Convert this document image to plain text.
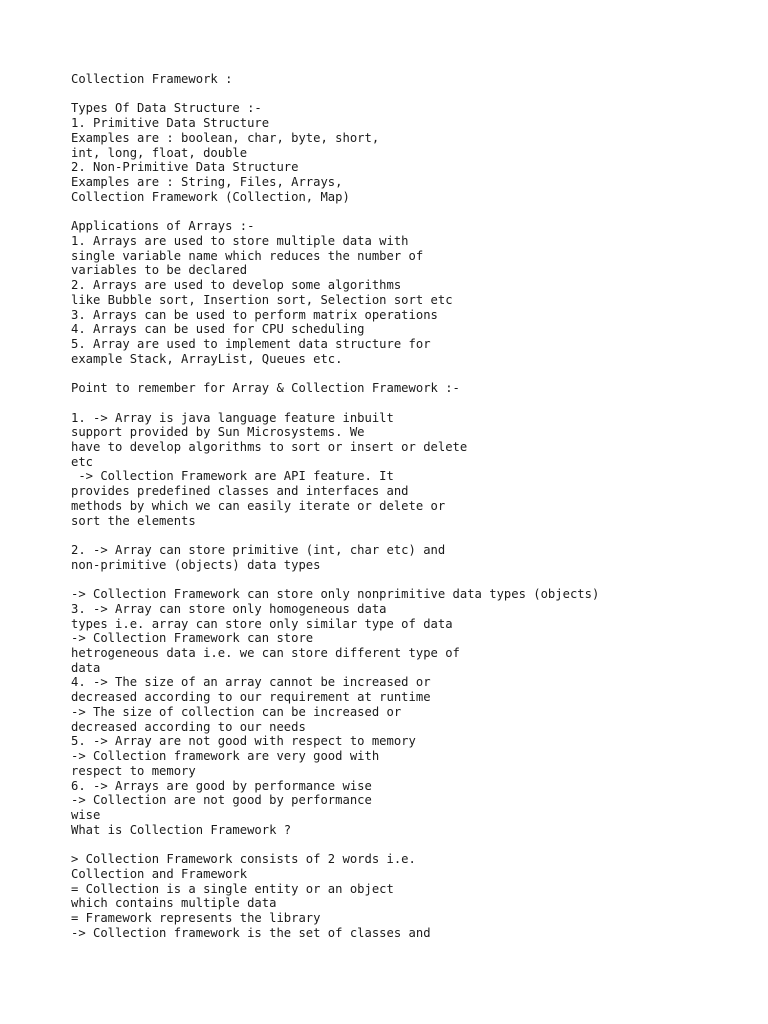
Collection Framework :
Types Of Data Structure :-
1. Primitive Data Structure
Examples are : boolean, char, byte, short,
int, long, float, double
2. Non-Primitive Data Structure
Examples are : String, Files, Arrays,
Collection Framework (Collection, Map)
Applications of Arrays :-
1. Arrays are used to store multiple data with
single variable name which reduces the number of
variables to be declared
2. Arrays are used to develop some algorithms
like Bubble sort, Insertion sort, Selection sort etc
3. Arrays can be used to perform matrix operations
4. Arrays can be used for CPU scheduling
5. Array are used to implement data structure for
example Stack, ArrayList, Queues etc.
Point to remember for Array & Collection Framework :-
1. -> Array is java language feature inbuilt
support provided by Sun Microsystems. We
have to develop algorithms to sort or insert or delete
etc
-> Collection Framework are API feature. It
provides predefined classes and interfaces and
methods by which we can easily iterate or delete or
sort the elements
2. -> Array can store primitive (int, char etc) and
non-primitive (objects) data types
-> Collection Framework can store only nonprimitive data types (objects)
3. -> Array can store only homogeneous data
types i.e. array can store only similar type of data
-> Collection Framework can store
hetrogeneous data i.e. we can store different type of
data
4. -> The size of an array cannot be increased or
decreased according to our requirement at runtime
-> The size of collection can be increased or
decreased according to our needs
5. -> Array are not good with respect to memory
-> Collection framework are very good with
respect to memory
6. -> Arrays are good by performance wise
-> Collection are not good by performance
wise
What is Collection Framework ?
> Collection Framework consists of 2 words i.e.
Collection and Framework
= Collection is a single entity or an object
which contains multiple data
= Framework represents the library
-> Collection framework is the set of classes and
